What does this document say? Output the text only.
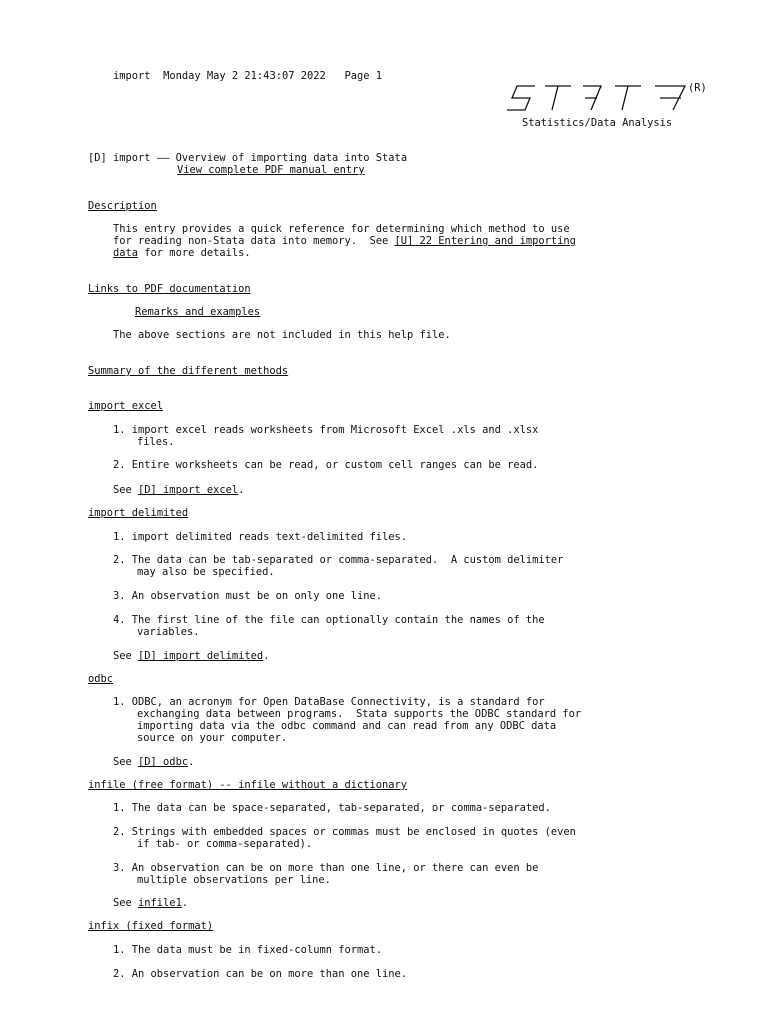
import Monday May 2 21:43:07 2022 Page 1
	STATA
(R)
Statistics/Data Analysis
[D] import —— Overview of importing data into Stata
View complete PDF manual entry
Description
This entry provides a quick reference for determining which method to use
for reading non-Stata data into memory.  See [U] 22 Entering and importing
data for more details.
Links to PDF documentation
Remarks and examples
The above sections are not included in this help file.
Summary of the different methods
import excel
1. import excel reads worksheets from Microsoft Excel .xls and .xlsx
files.
2. Entire worksheets can be read, or custom cell ranges can be read.
See [D] import excel.
import delimited
1. import delimited reads text-delimited files.
2. The data can be tab-separated or comma-separated.  A custom delimiter
may also be specified.
3. An observation must be on only one line.
4. The first line of the file can optionally contain the names of the
variables.
See [D] import delimited.
odbc
1. ODBC, an acronym for Open DataBase Connectivity, is a standard for
exchanging data between programs.  Stata supports the ODBC standard for
importing data via the odbc command and can read from any ODBC data
source on your computer.
See [D] odbc.
infile (free format) -- infile without a dictionary
1. The data can be space-separated, tab-separated, or comma-separated.
2. Strings with embedded spaces or commas must be enclosed in quotes (even
if tab- or comma-separated).
3. An observation can be on more than one line, or there can even be
multiple observations per line.
See infile1.
infix (fixed format)
1. The data must be in fixed-column format.
2. An observation can be on more than one line.
